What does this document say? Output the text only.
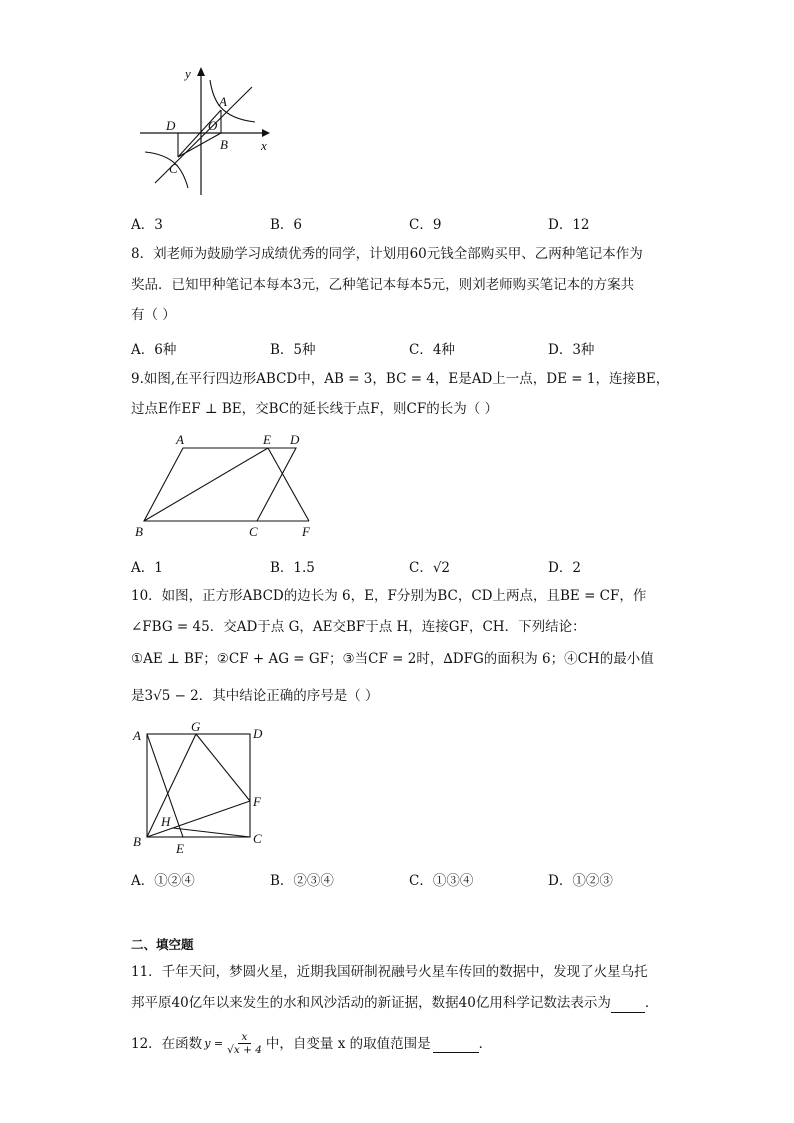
y
x
A
O
D
B
C
A．3	B．6	C．9	D．12
8．刘老师为鼓励学习成绩优秀的同学，计划用60元钱全部购买甲、乙两种笔记本作为
奖品．已知甲种笔记本每本3元，乙种笔记本每本5元，则刘老师购买笔记本的方案共
有（ ）
A．6种	B．5种	C．4种	D．3种
9.如图,在平行四边形ABCD中，AB = 3，BC = 4，E是AD上一点，DE = 1，连接BE，
过点E作EF ⊥ BE，交BC的延长线于点F，则CF的长为（ ）
A	E D
B	C	F
A．1	B．1.5	C．√2	D．2
10．如图，正方形ABCD的边长为 6，E，F分别为BC，CD上两点，且BE = CF，作
∠FBG = 45．交AD于点 G，AE交BF于点 H，连接GF，CH．下列结论：
①AE ⊥ BF；②CF + AG = GF；③当CF = 2时，∆DFG的面积为 6；④CH的最小值
是3√5 − 2．其中结论正确的序号是（ ）
A
G	D
F
H
B	E
C
A．①②④	B．②③④	C．①③④	D．①②③
二、填空题
11．千年天问，梦圆火星，近期我国研制祝融号火星车传回的数据中，发现了火星乌托
邦平原40亿年以来发生的水和风沙活动的新证据，数据40亿用科学记数法表示为	．
12．在函数 $y = \frac{x}{√x + 4}$ 中，自变量 x 的取值范围是
	．
